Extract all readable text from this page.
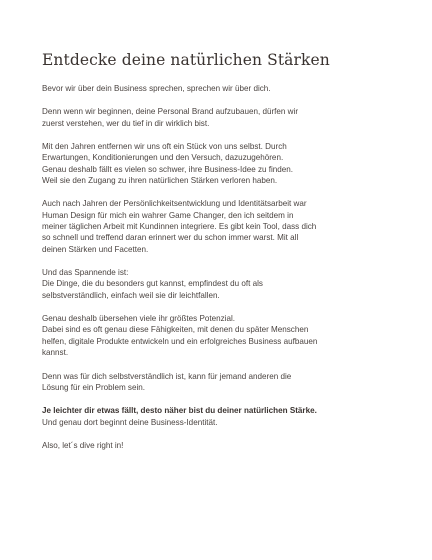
Entdecke deine natürlichen Stärken

Bevor wir über dein Business sprechen, sprechen wir über dich.

Denn wenn wir beginnen, deine Personal Brand aufzubauen, dürfen wir
zuerst verstehen, wer du tief in dir wirklich bist.

Mit den Jahren entfernen wir uns oft ein Stück von uns selbst. Durch
Erwartungen, Konditionierungen und den Versuch, dazuzugehören.
Genau deshalb fällt es vielen so schwer, ihre Business-Idee zu finden.
Weil sie den Zugang zu ihren natürlichen Stärken verloren haben.

Auch nach Jahren der Persönlichkeitsentwicklung und Identitätsarbeit war
Human Design für mich ein wahrer Game Changer, den ich seitdem in
meiner täglichen Arbeit mit Kundinnen integriere. Es gibt kein Tool, dass dich
so schnell und treffend daran erinnert wer du schon immer warst. Mit all
deinen Stärken und Facetten.

Und das Spannende ist:
Die Dinge, die du besonders gut kannst, empfindest du oft als
selbstverständlich, einfach weil sie dir leichtfallen.

Genau deshalb übersehen viele ihr größtes Potenzial.
Dabei sind es oft genau diese Fähigkeiten, mit denen du später Menschen
helfen, digitale Produkte entwickeln und ein erfolgreiches Business aufbauen
kannst.

Denn was für dich selbstverständlich ist, kann für jemand anderen die
Lösung für ein Problem sein.

Je leichter dir etwas fällt, desto näher bist du deiner natürlichen Stärke.
Und genau dort beginnt deine Business-Identität.

Also, let´s dive right in!
